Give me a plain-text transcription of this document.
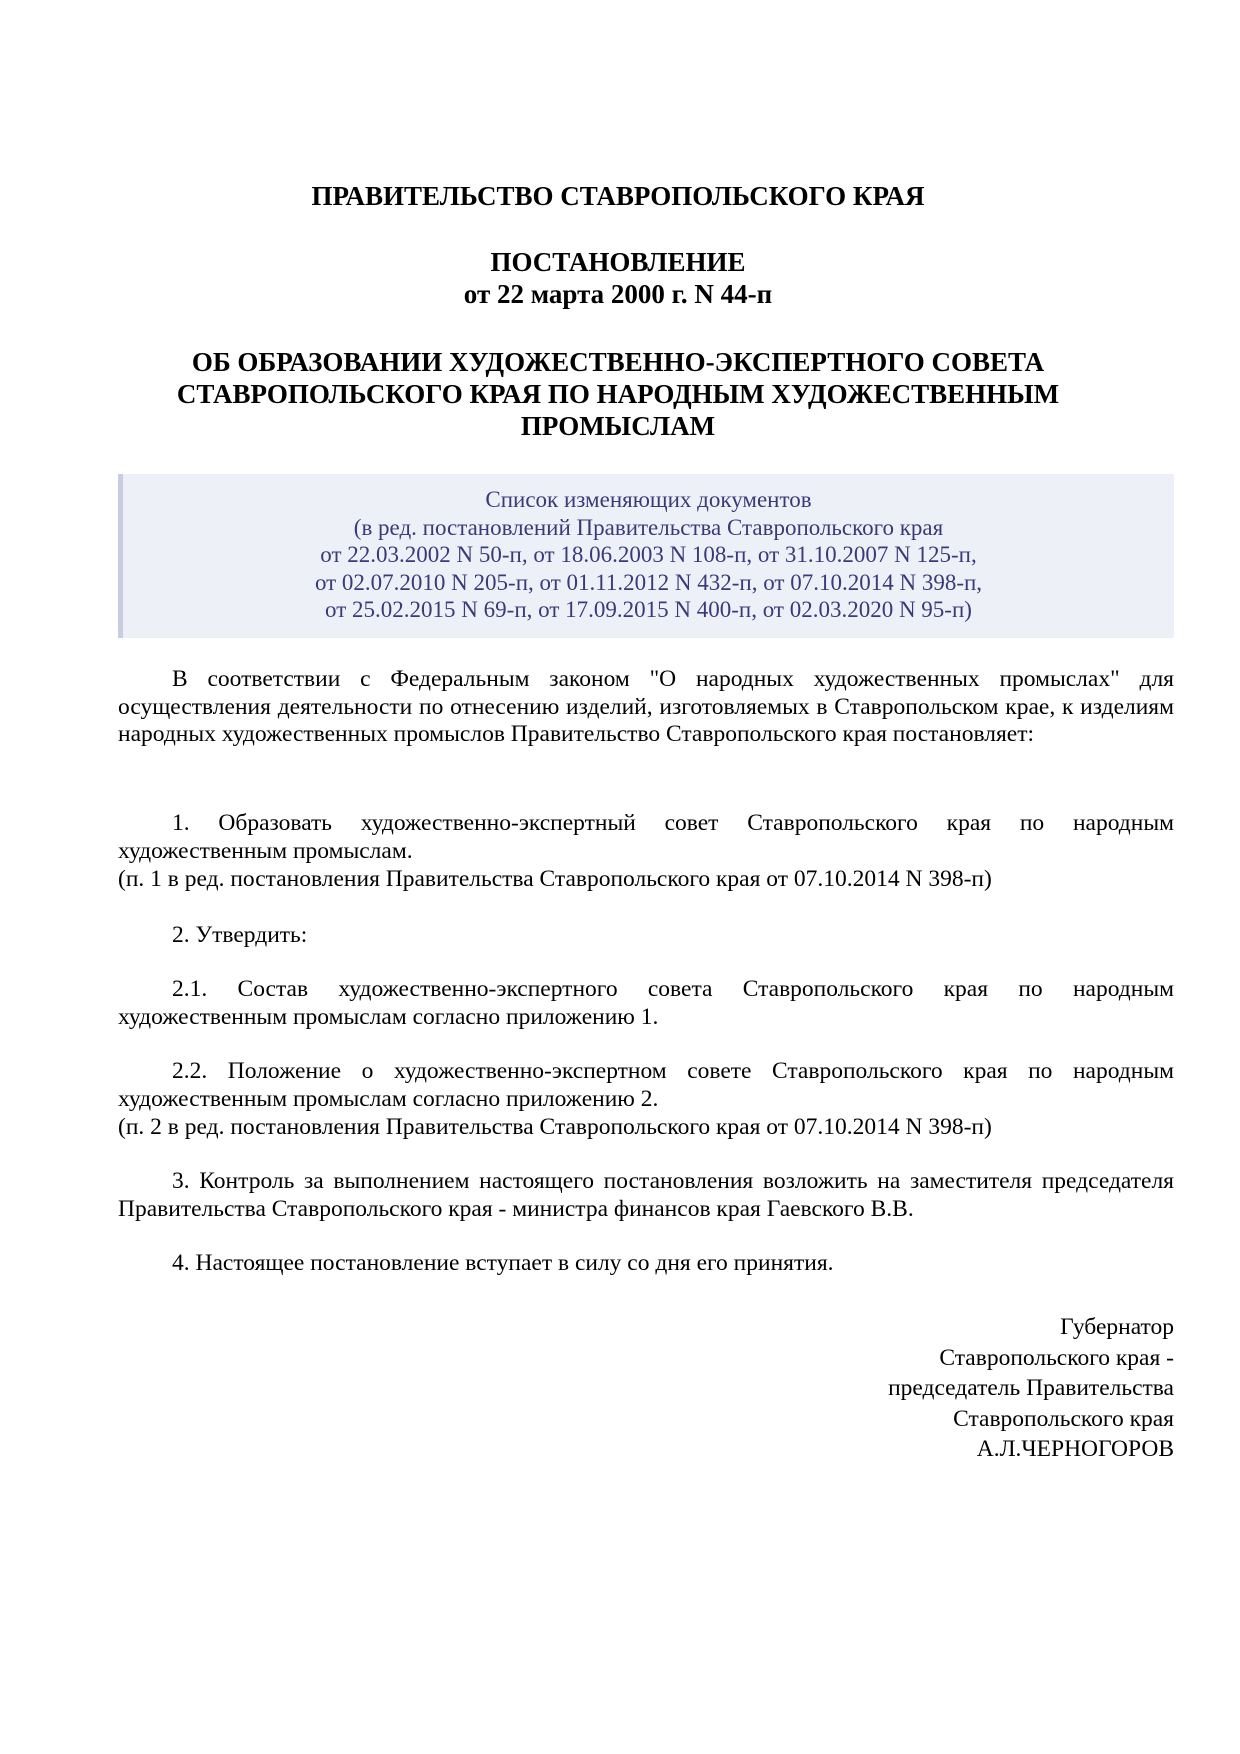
ПРАВИТЕЛЬСТВО СТАВРОПОЛЬСКОГО КРАЯ
ПОСТАНОВЛЕНИЕ
от 22 марта 2000 г. N 44-п
ОБ ОБРАЗОВАНИИ ХУДОЖЕСТВЕННО-ЭКСПЕРТНОГО СОВЕТА
СТАВРОПОЛЬСКОГО КРАЯ ПО НАРОДНЫМ ХУДОЖЕСТВЕННЫМ
ПРОМЫСЛАМ
Список изменяющих документов
(в ред. постановлений Правительства Ставропольского края
от 22.03.2002 N 50-п, от 18.06.2003 N 108-п, от 31.10.2007 N 125-п,
от 02.07.2010 N 205-п, от 01.11.2012 N 432-п, от 07.10.2014 N 398-п,
от 25.02.2015 N 69-п, от 17.09.2015 N 400-п, от 02.03.2020 N 95-п)
В соответствии с Федеральным законом "О народных художественных промыслах" для осуществления деятельности по отнесению изделий, изготовляемых в Ставропольском крае, к изделиям народных художественных промыслов Правительство Ставропольского края постановляет:
1. Образовать художественно-экспертный совет Ставропольского края по народным художественным промыслам.
(п. 1 в ред. постановления Правительства Ставропольского края от 07.10.2014 N 398-п)
2. Утвердить:
2.1. Состав художественно-экспертного совета Ставропольского края по народным художественным промыслам согласно приложению 1.
2.2. Положение о художественно-экспертном совете Ставропольского края по народным художественным промыслам согласно приложению 2.
(п. 2 в ред. постановления Правительства Ставропольского края от 07.10.2014 N 398-п)
3. Контроль за выполнением настоящего постановления возложить на заместителя председателя Правительства Ставропольского края - министра финансов края Гаевского В.В.
4. Настоящее постановление вступает в силу со дня его принятия.
Губернатор
Ставропольского края -
председатель Правительства
Ставропольского края
А.Л.ЧЕРНОГОРОВ
